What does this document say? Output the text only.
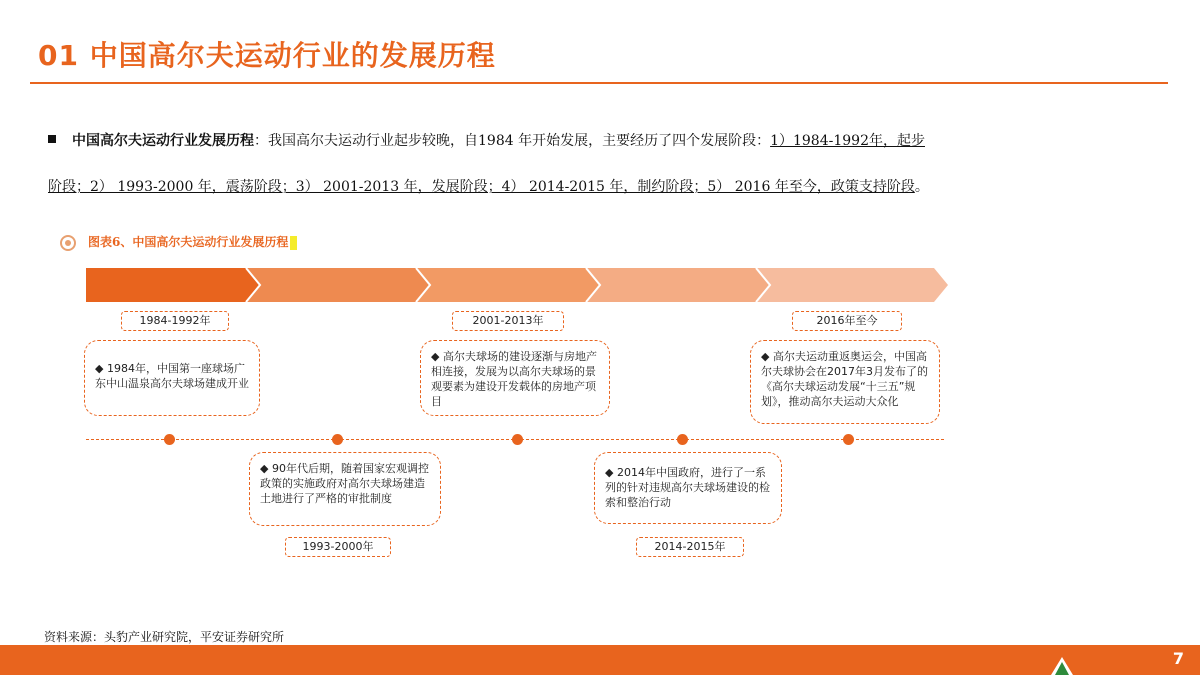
01 中国高尔夫运动行业的发展历程
中国高尔夫运动行业发展历程：我国高尔夫运动行业起步较晚，自1984 年开始发展，主要经历了四个发展阶段：1）1984-1992年，起步
阶段；2） 1993-2000 年，震荡阶段；3） 2001-2013 年，发展阶段；4） 2014-2015 年，制约阶段；5） 2016 年至今，政策支持阶段。
图表6、中国高尔夫运动行业发展历程
起步阶段	震荡阶段	发展阶段	制约阶段	政策支持阶段
1984-1992年	2001-2013年	2016年至今
◆ 1984年，中国第一座球场广东中山温泉高尔夫球场建成开业
◆ 高尔夫球场的建设逐渐与房地产相连接，发展为以高尔夫球场的景观要素为建设开发载体的房地产项目
◆ 高尔夫运动重返奥运会，中国高尔夫球协会在2017年3月发布了的《高尔夫球运动发展“十三五”规划》，推动高尔夫运动大众化
◆ 90年代后期，随着国家宏观调控政策的实施政府对高尔夫球场建造土地进行了严格的审批制度
◆ 2014年中国政府，进行了一系列的针对违规高尔夫球场建设的检索和整治行动
1993-2000年	2014-2015年
资料来源：头豹产业研究院，平安证券研究所
7
